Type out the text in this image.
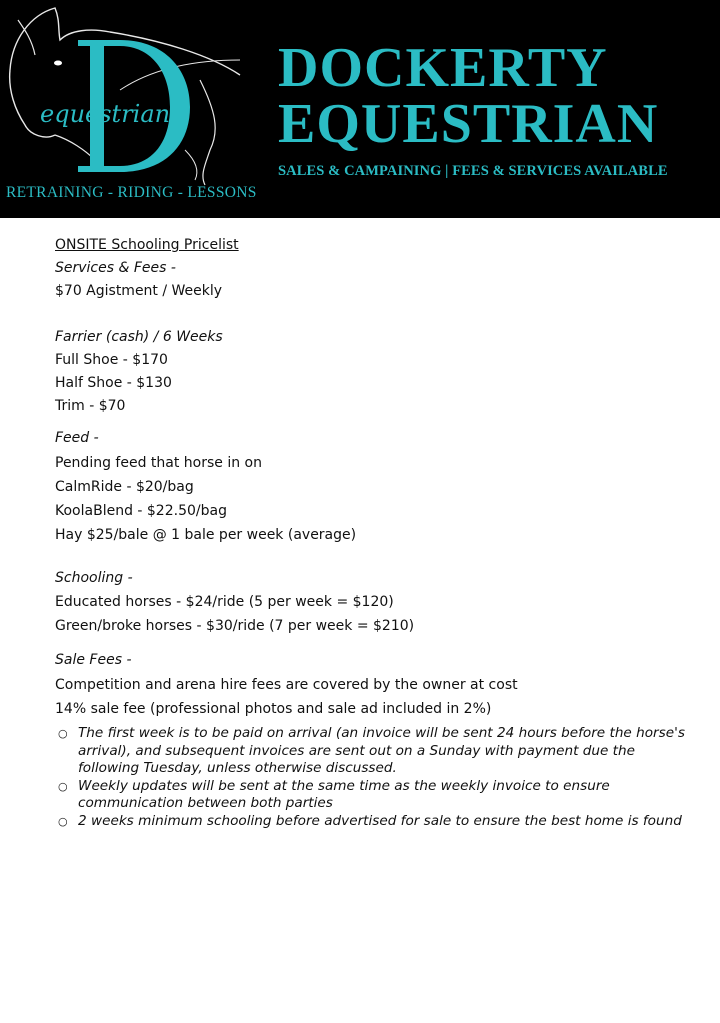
equestrian
RETRAINING - RIDING - LESSONS
DOCKERTY
EQUESTRIAN
SALES & CAMPAINING | FEES & SERVICES AVAILABLE
ONSITE Schooling Pricelist
Services & Fees -
$70 Agistment / Weekly
Farrier (cash) / 6 Weeks
Full Shoe - $170
Half Shoe - $130
Trim - $70
Feed -
Pending feed that horse in on
CalmRide - $20/bag
KoolaBlend - $22.50/bag
Hay $25/bale @ 1 bale per week (average)
Schooling -
Educated horses - $24/ride (5 per week = $120)
Green/broke horses - $30/ride (7 per week = $210)
Sale Fees -
Competition and arena hire fees are covered by the owner at cost
14% sale fee (professional photos and sale ad included in 2%)
○ The first week is to be paid on arrival (an invoice will be sent 24 hours before the horse's arrival), and subsequent invoices are sent out on a Sunday with payment due the following Tuesday, unless otherwise discussed.
○ Weekly updates will be sent at the same time as the weekly invoice to ensure communication between both parties
○ 2 weeks minimum schooling before advertised for sale to ensure the best home is found
